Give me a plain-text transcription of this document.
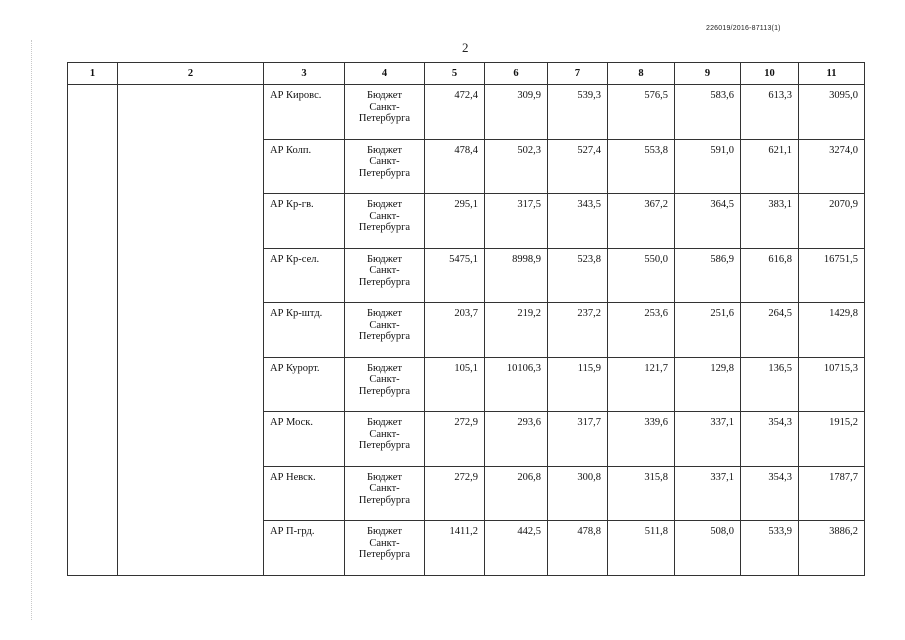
226019/2016-87113(1)
2
1	2	3	4	5	6	7	8	9	10	11
		АР Кировс.	Бюджет
Санкт-
Петербурга	472,4	309,9	539,3	576,5	583,6	613,3	3095,0
		АР Колп.	Бюджет
Санкт-
Петербурга	478,4	502,3	527,4	553,8	591,0	621,1	3274,0
		АР Кр-гв.	Бюджет
Санкт-
Петербурга	295,1	317,5	343,5	367,2	364,5	383,1	2070,9
		АР Кр-сел.	Бюджет
Санкт-
Петербурга	5475,1	8998,9	523,8	550,0	586,9	616,8	16751,5
		АР Кр-штд.	Бюджет
Санкт-
Петербурга	203,7	219,2	237,2	253,6	251,6	264,5	1429,8
		АР Курорт.	Бюджет
Санкт-
Петербурга	105,1	10106,3	115,9	121,7	129,8	136,5	10715,3
		АР Моск.	Бюджет
Санкт-
Петербурга	272,9	293,6	317,7	339,6	337,1	354,3	1915,2
		АР Невск.	Бюджет
Санкт-
Петербурга	272,9	206,8	300,8	315,8	337,1	354,3	1787,7
		АР П-грд.	Бюджет
Санкт-
Петербурга	1411,2	442,5	478,8	511,8	508,0	533,9	3886,2
